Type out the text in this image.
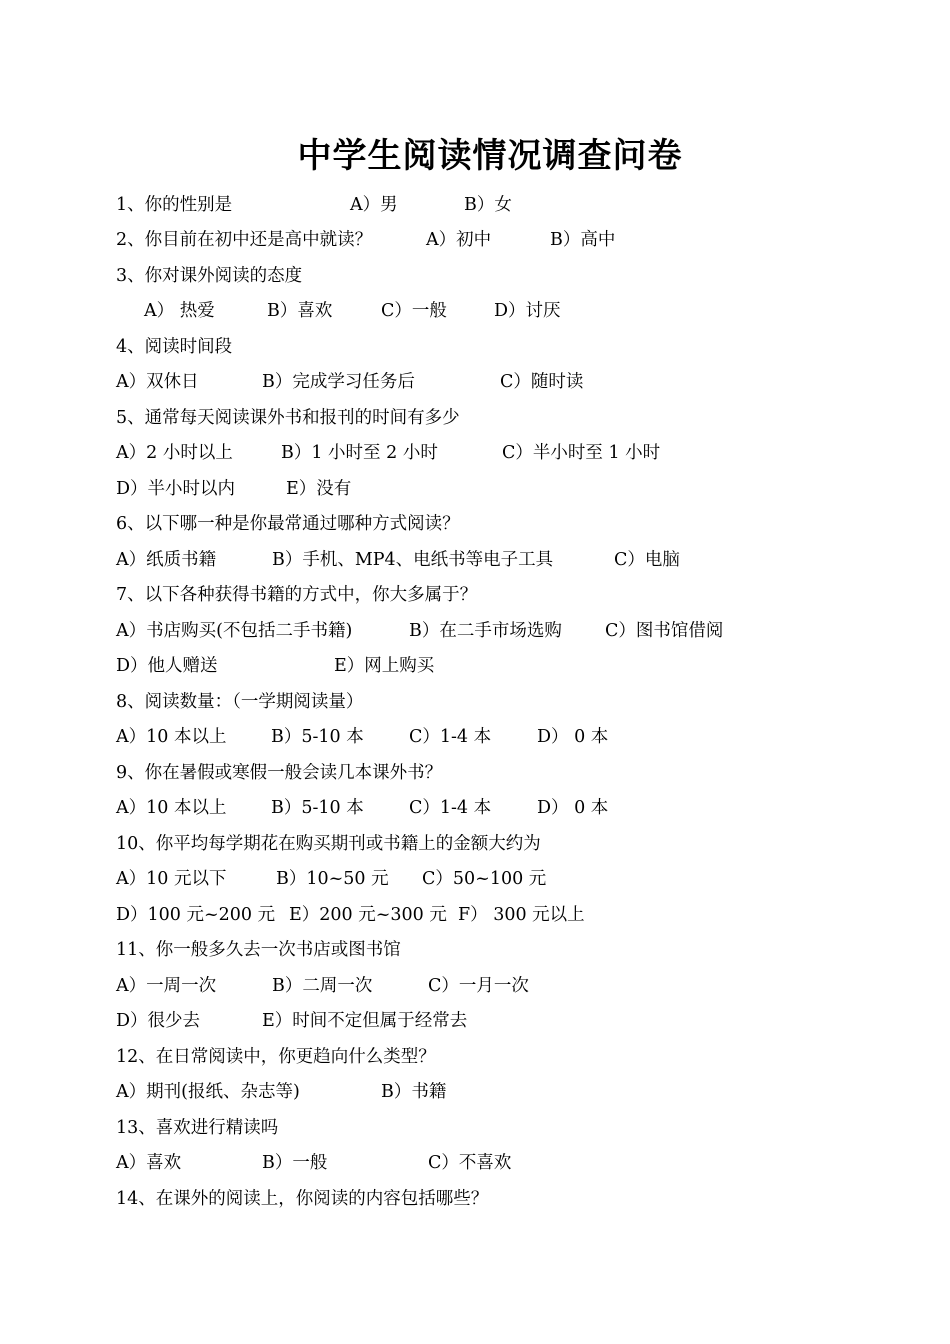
中学生阅读情况调查问卷
1、你的性别是	A）男	B）女
2、你目前在初中还是高中就读？	A）初中	B）高中
3、你对课外阅读的态度
A） 热爱	B）喜欢	C）一般	D）讨厌
4、阅读时间段
A）双休日	B）完成学习任务后	C）随时读
5、通常每天阅读课外书和报刊的时间有多少
A）2 小时以上	B）1 小时至 2 小时	C）半小时至 1 小时
D）半小时以内	E）没有
6、以下哪一种是你最常通过哪种方式阅读？
A）纸质书籍	B）手机、MP4、电纸书等电子工具	C）电脑
7、以下各种获得书籍的方式中，你大多属于？
A）书店购买(不包括二手书籍)	B）在二手市场选购 C）图书馆借阅
D）他人赠送	E）网上购买
8、阅读数量：（一学期阅读量）
A）10 本以上	B）5-10 本	C）1-4 本	D） 0 本
9、你在暑假或寒假一般会读几本课外书？
A）10 本以上	B）5-10 本	C）1-4 本	D） 0 本
10、你平均每学期花在购买期刊或书籍上的金额大约为
A）10 元以下	B）10~50 元 C）50~100 元
D）100 元~200 元 E）200 元~300 元 F） 300 元以上
11、你一般多久去一次书店或图书馆
A）一周一次	B）二周一次	C）一月一次
D）很少去	E）时间不定但属于经常去
12、在日常阅读中，你更趋向什么类型？
A）期刊(报纸、杂志等)	B）书籍
13、喜欢进行精读吗
A）喜欢	B）一般	C）不喜欢
14、在课外的阅读上，你阅读的内容包括哪些？
